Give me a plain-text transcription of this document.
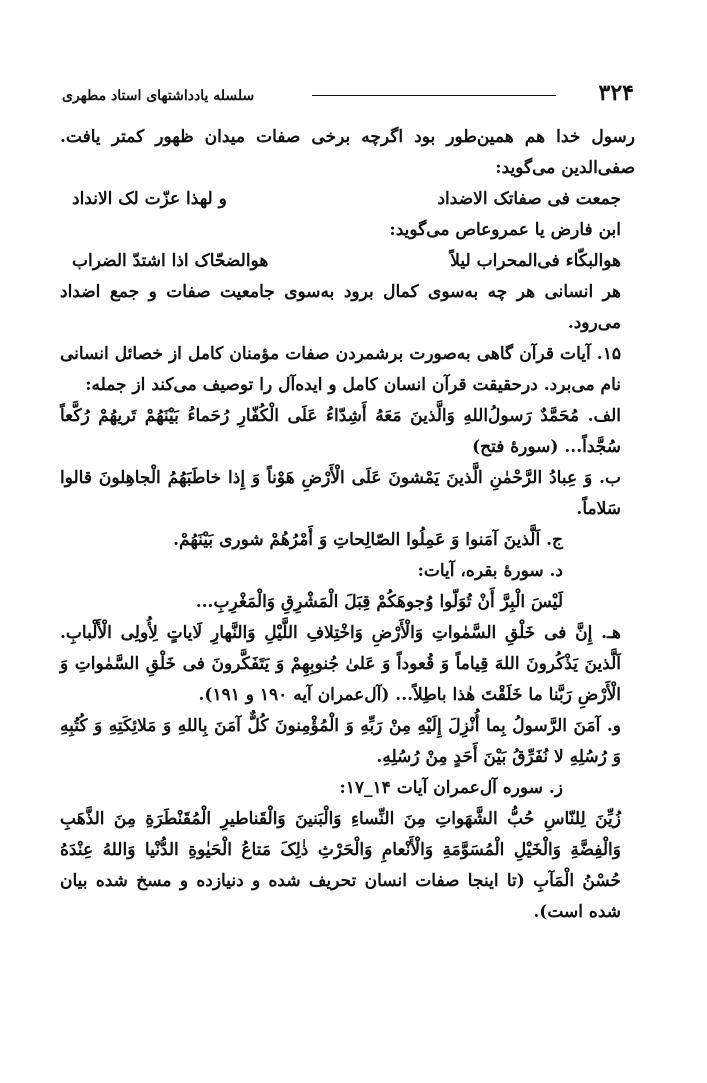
۳۲۴
سلسله یادداشتهای استاد مطهری

رسول خدا هم همین‌طور بود اگرچه برخی صفات میدان ظهور کمتر یافت. صفی‌الدین می‌گوید:

جمعت فی صفاتک الاضداد
و لهذا عزّت لک الانداد

ابن فارض یا عمروعاص می‌گوید:

هوالبکّاء فی‌المحراب لیلاً
هوالضحّاک اذا اشتدّ الضراب

هر انسانی هر چه به‌سوی کمال برود به‌سوی جامعیت صفات و جمع اضداد می‌رود.

۱۵. آیات قرآن گاهی به‌صورت برشمردن صفات مؤمنان کامل از خصائل انسانی نام می‌برد. درحقیقت قرآن انسان کامل و ایده‌آل را توصیف می‌کند از جمله:

الف. مُحَمَّدٌ رَسولُ‌اللهِ وَالَّذینَ مَعَهُ أَشِدّاءُ عَلَی الْکُفّارِ رُحَماءُ بَیْنَهُمْ تَریهُمْ رُکَّعاً سُجَّداً... (سورهٔ فتح)

ب. وَ عِبادُ الرَّحْمٰنِ الَّذینَ یَمْشونَ عَلَی الْأَرْضِ هَوْناً وَ إِذا خاطَبَهُمُ الْجاهِلونَ قالوا سَلاماً.

ج. اَلَّذینَ آمَنوا وَ عَمِلُوا الصّالِحاتِ وَ أَمْرُهُمْ شوری بَیْنَهُمْ.

د. سورهٔ بقره، آیات:

لَیْسَ الْبِرَّ أَنْ تُوَلّوا وُجوهَکُمْ قِبَلَ الْمَشْرِقِ وَالْمَغْرِبِ...

هـ. إِنَّ فی خَلْقِ السَّمٰواتِ وَالْأَرْضِ وَاخْتِلافِ اللَّیْلِ وَالنَّهارِ لَایاتٍ لِأُولِی الْأَلْبابِ. اَلَّذینَ یَذْکُرونَ اللهَ قِیاماً وَ قُعوداً وَ عَلیٰ جُنوبِهِمْ وَ یَتَفَکَّرونَ فی خَلْقِ السَّمٰواتِ وَ الْأَرْضِ رَبَّنا ما خَلَقْتَ هٰذا باطِلاً... (آل‌عمران آیه ۱۹۰ و ۱۹۱).

و. آمَنَ الرَّسولُ بِما أُنْزِلَ إِلَیْهِ مِنْ رَبِّهِ وَ الْمُؤْمِنونَ کُلٌّ آمَنَ بِاللهِ وَ مَلائِکَتِهِ وَ کُتُبِهِ وَ رُسُلِهِ لا نُفَرِّقُ بَیْنَ أَحَدٍ مِنْ رُسُلِهِ.

ز. سوره آل‌عمران آیات ۱۴_۱۷:

زُیِّنَ لِلنّاسِ حُبُّ الشَّهَواتِ مِنَ النِّساءِ وَالْبَنینَ وَالْقَناطیرِ الْمُقَنْطَرَةِ مِنَ الذَّهَبِ وَالْفِضَّةِ وَالْخَیْلِ الْمُسَوَّمَةِ وَالْأَنْعامِ وَالْحَرْثِ ذٰلِکَ مَتاعُ الْحَیٰوةِ الدُّنْیا وَاللهُ عِنْدَهُ حُسْنُ الْمَآبِ (تا اینجا صفات انسان تحریف شده و دنیازده و مسخ شده بیان شده است).
